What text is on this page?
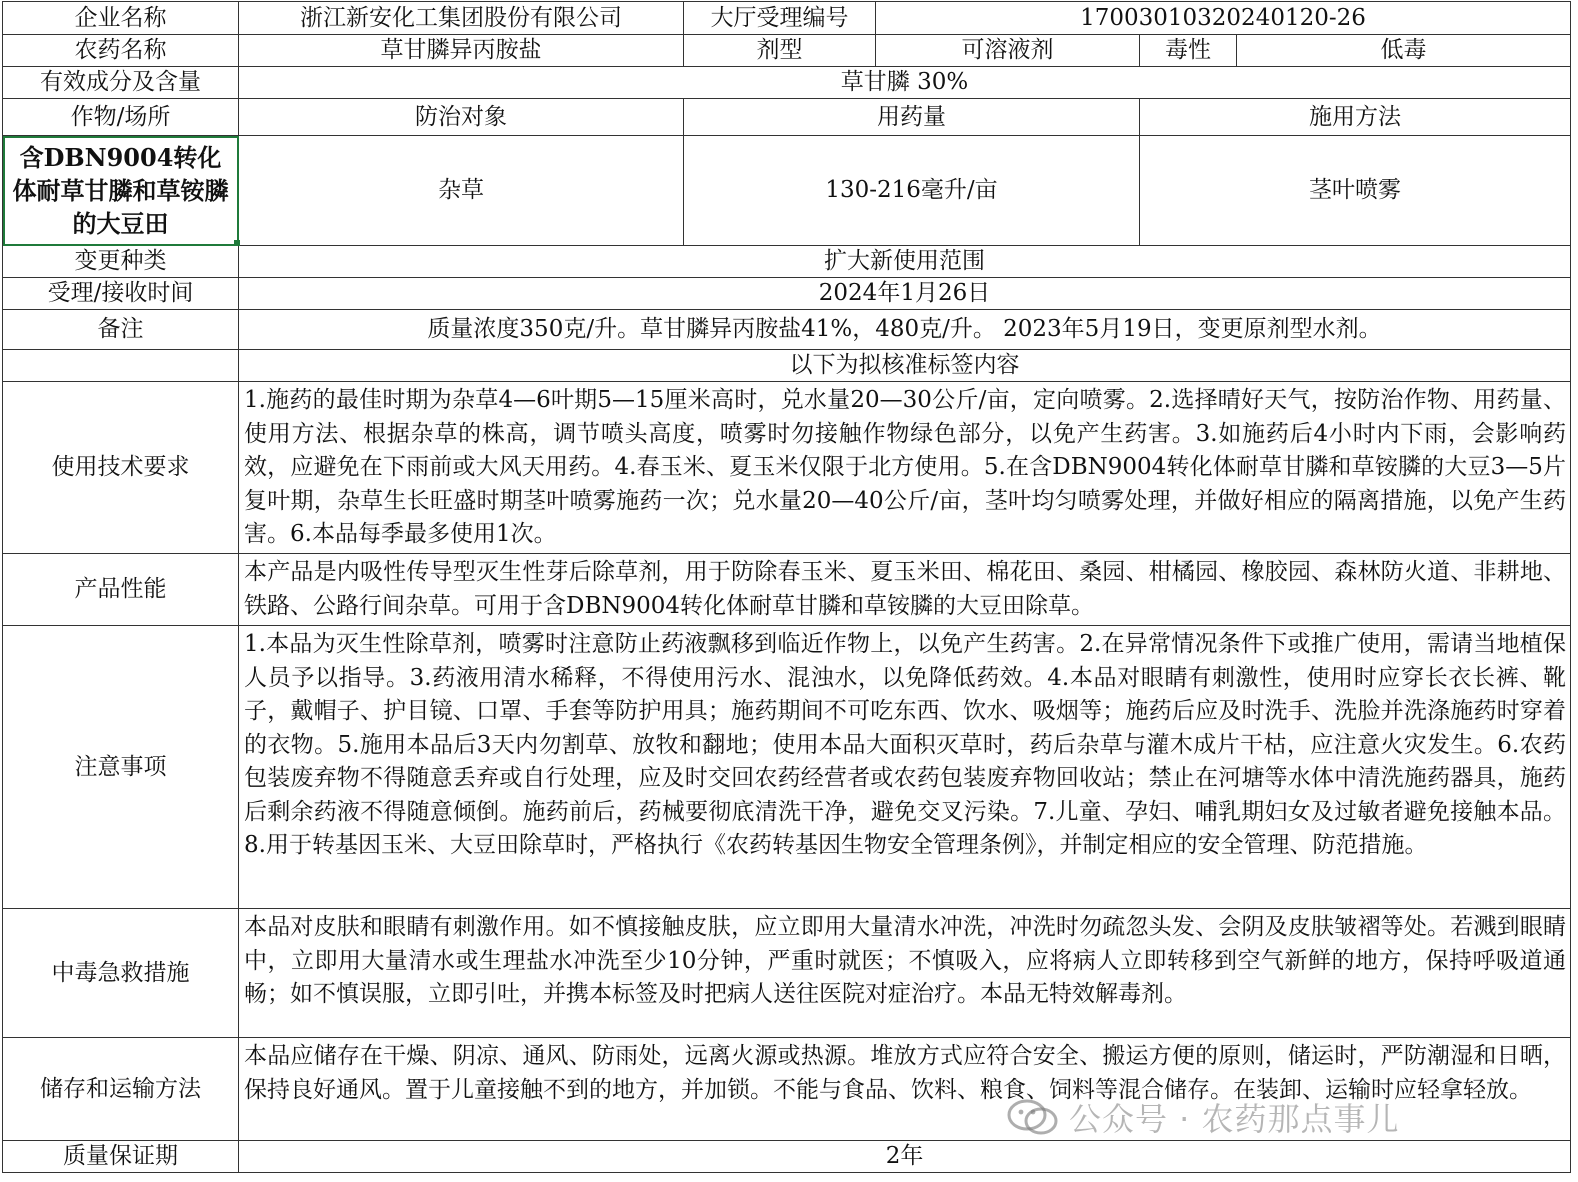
企业名称	浙江新安化工集团股份有限公司	大厅受理编号	17003010320240120-26		
农药名称	草甘膦异丙胺盐	剂型	可溶液剂	毒性	低毒
有效成分及含量	草甘膦 30%				
作物/场所	防治对象	用药量		施用方法	
含DBN9004转化体耐草甘膦和草铵膦的大豆田	杂草	130-216毫升/亩		茎叶喷雾	
变更种类	扩大新使用范围				
受理/接收时间	2024年1月26日				
备注	质量浓度350克/升。草甘膦异丙胺盐41%，480克/升。 2023年5月19日，变更原剂型水剂。				
	以下为拟核准标签内容				
使用技术要求	1.施药的最佳时期为杂草4—6叶期5—15厘米高时，兑水量20—30公斤/亩，定向喷雾。2.选择晴好天气，按防治作物、用药量、使用方法、根据杂草的株高，调节喷头高度，喷雾时勿接触作物绿色部分，以免产生药害。3.如施药后4小时内下雨，会影响药效，应避免在下雨前或大风天用药。4.春玉米、夏玉米仅限于北方使用。5.在含DBN9004转化体耐草甘膦和草铵膦的大豆3—5片复叶期，杂草生长旺盛时期茎叶喷雾施药一次；兑水量20—40公斤/亩，茎叶均匀喷雾处理，并做好相应的隔离措施，以免产生药害。6.本品每季最多使用1次。				
产品性能	本产品是内吸性传导型灭生性芽后除草剂，用于防除春玉米、夏玉米田、棉花田、桑园、柑橘园、橡胶园、森林防火道、非耕地、铁路、公路行间杂草。可用于含DBN9004转化体耐草甘膦和草铵膦的大豆田除草。				
注意事项	1.本品为灭生性除草剂，喷雾时注意防止药液飘移到临近作物上，以免产生药害。2.在异常情况条件下或推广使用，需请当地植保人员予以指导。3.药液用清水稀释，不得使用污水、混浊水，以免降低药效。4.本品对眼睛有刺激性，使用时应穿长衣长裤、靴子，戴帽子、护目镜、口罩、手套等防护用具；施药期间不可吃东西、饮水、吸烟等；施药后应及时洗手、洗脸并洗涤施药时穿着的衣物。5.施用本品后3天内勿割草、放牧和翻地；使用本品大面积灭草时，药后杂草与灌木成片干枯，应注意火灾发生。6.农药包装废弃物不得随意丢弃或自行处理，应及时交回农药经营者或农药包装废弃物回收站；禁止在河塘等水体中清洗施药器具，施药后剩余药液不得随意倾倒。施药前后，药械要彻底清洗干净，避免交叉污染。7.儿童、孕妇、哺乳期妇女及过敏者避免接触本品。8.用于转基因玉米、大豆田除草时，严格执行《农药转基因生物安全管理条例》，并制定相应的安全管理、防范措施。				
中毒急救措施	本品对皮肤和眼睛有刺激作用。如不慎接触皮肤，应立即用大量清水冲洗，冲洗时勿疏忽头发、会阴及皮肤皱褶等处。若溅到眼睛中，立即用大量清水或生理盐水冲洗至少10分钟，严重时就医；不慎吸入，应将病人立即转移到空气新鲜的地方，保持呼吸道通畅；如不慎误服，立即引吐，并携本标签及时把病人送往医院对症治疗。本品无特效解毒剂。				
储存和运输方法	本品应储存在干燥、阴凉、通风、防雨处，远离火源或热源。堆放方式应符合安全、搬运方便的原则，储运时，严防潮湿和日晒，保持良好通风。置于儿童接触不到的地方，并加锁。不能与食品、饮料、粮食、饲料等混合储存。在装卸、运输时应轻拿轻放。				
质量保证期	2年				
公众号 · 农药那点事儿
